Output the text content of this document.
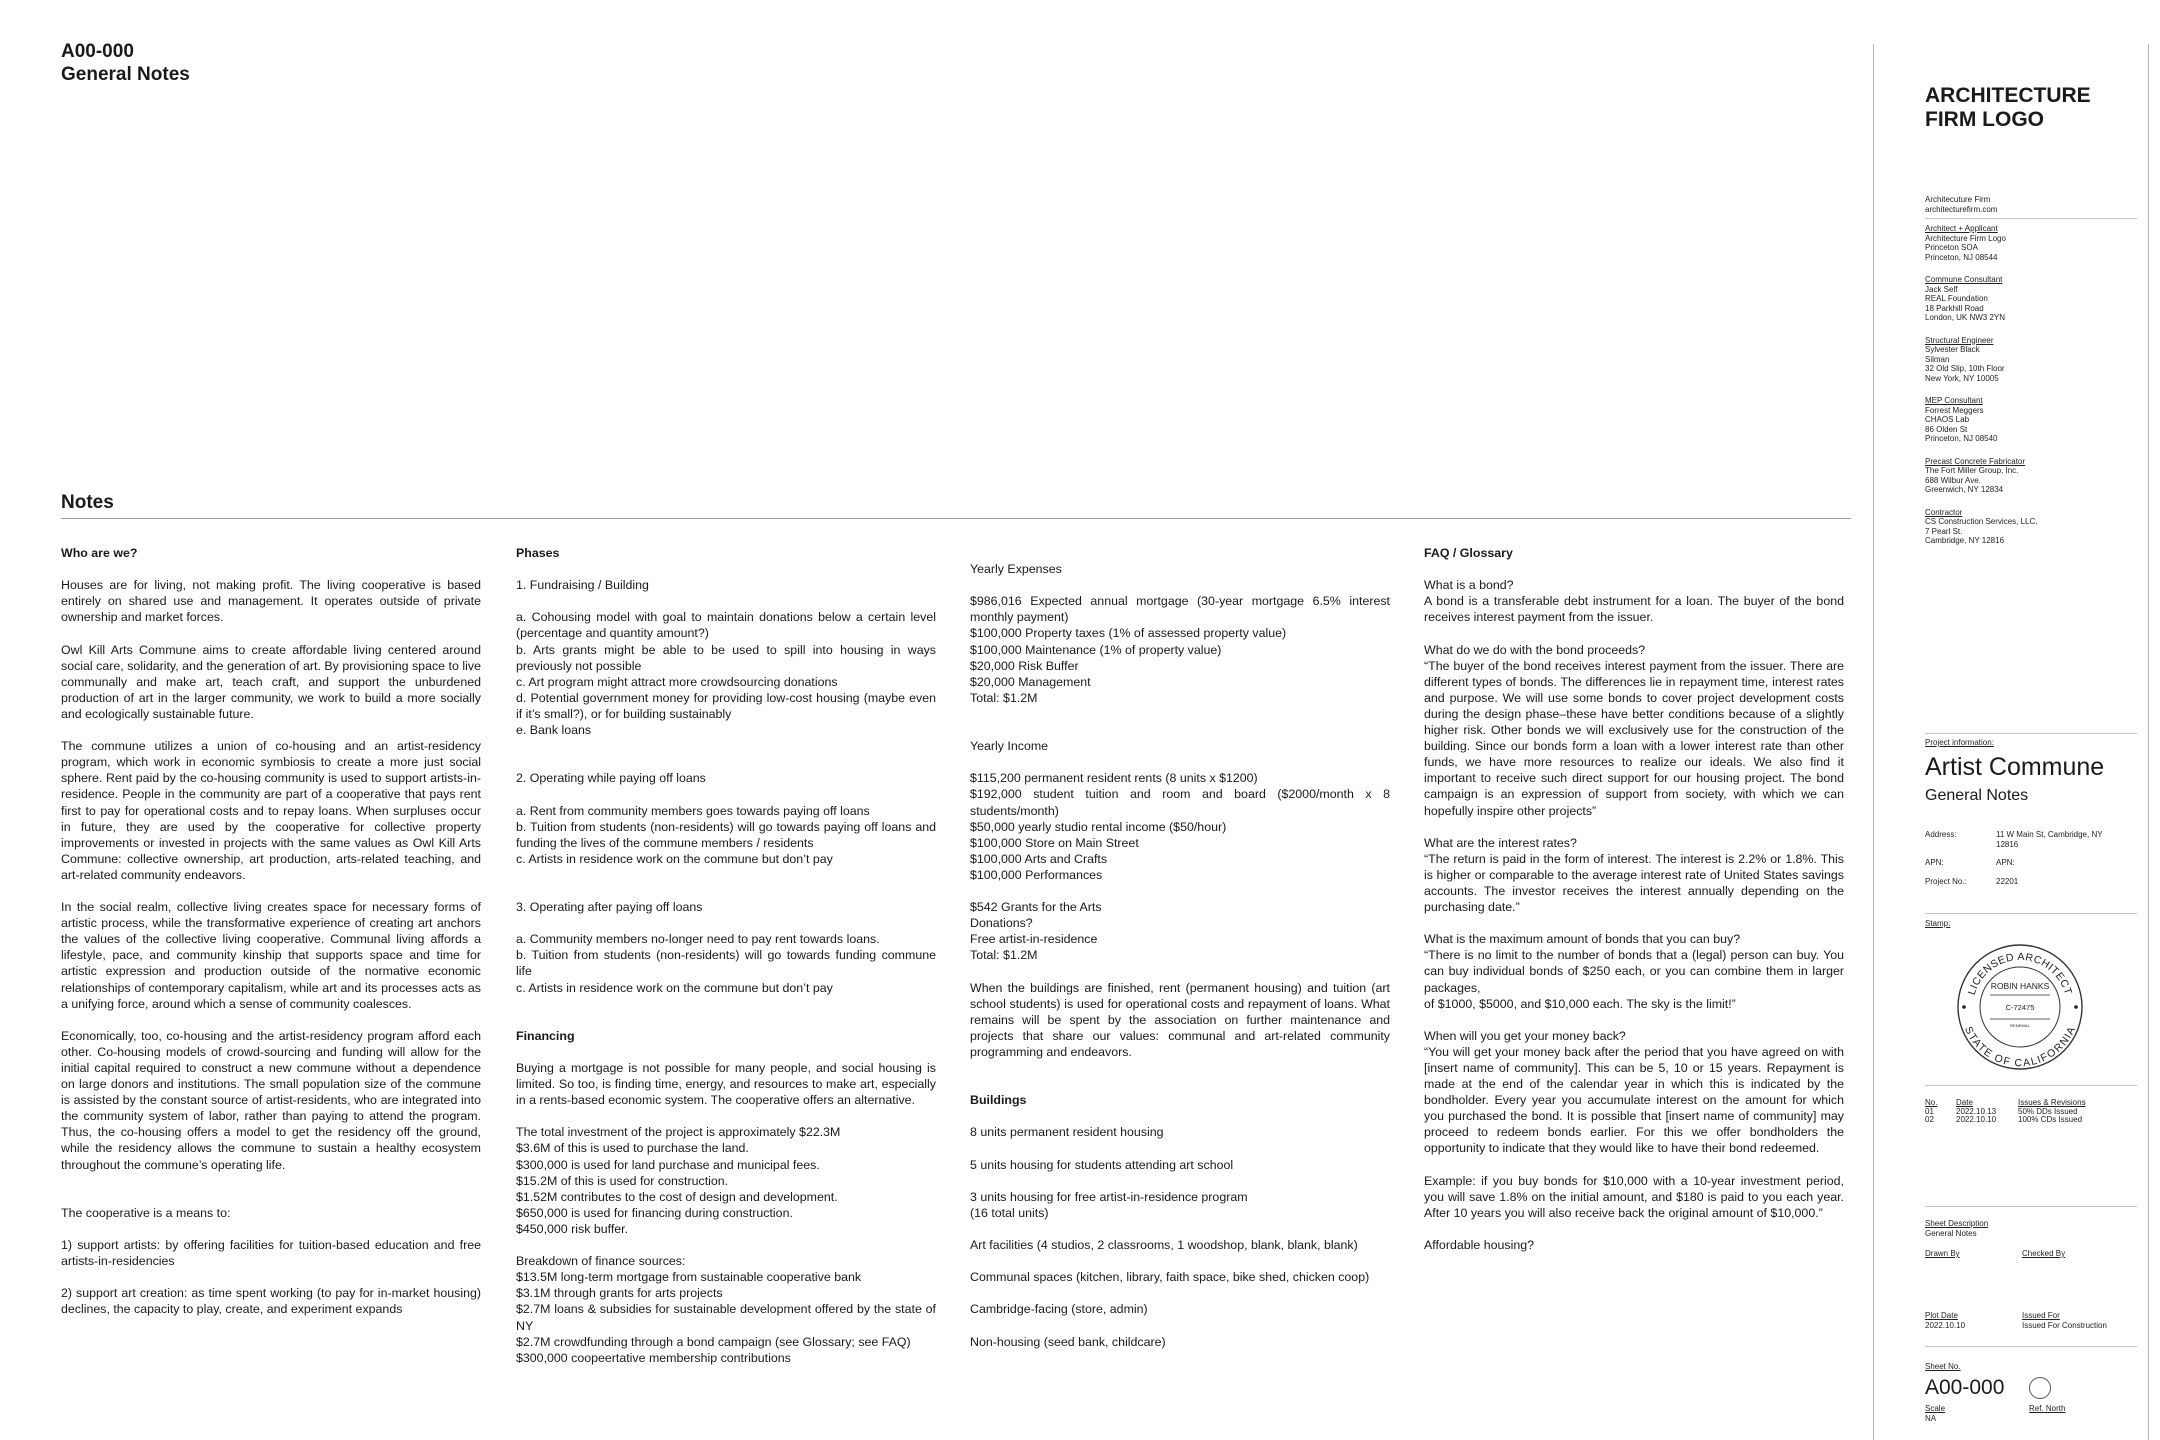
A00-000
General Notes
Notes

Who are we?

Houses are for living, not making profit. The living cooperative is based entirely on shared use and management. It operates outside of private ownership and market forces.

Owl Kill Arts Commune aims to create affordable living centered around social care, solidarity, and the generation of art. By provisioning space to live communally and make art, teach craft, and support the unburdened production of art in the larger community, we work to build a more socially and ecologically sustainable future.

The commune utilizes a union of co-housing and an artist-residency program, which work in economic symbiosis to create a more just social sphere. Rent paid by the co-housing community is used to support artists-in-residence. People in the community are part of a cooperative that pays rent first to pay for operational costs and to repay loans. When surpluses occur in future, they are used by the cooperative for collective property improvements or invested in projects with the same values as Owl Kill Arts Commune: collective ownership, art production, arts-related teaching, and art-related community endeavors.

In the social realm, collective living creates space for necessary forms of artistic process, while the transformative experience of creating art anchors the values of the collective living cooperative. Communal living affords a lifestyle, pace, and community kinship that supports space and time for artistic expression and production outside of the normative economic relationships of contemporary capitalism, while art and its processes acts as a unifying force, around which a sense of community coalesces.

Economically, too, co-housing and the artist-residency program afford each other. Co-housing models of crowd-sourcing and funding will allow for the initial capital required to construct a new commune without a dependence on large donors and institutions. The small population size of the commune is assisted by the constant source of artist-residents, who are integrated into the community system of labor, rather than paying to attend the program. Thus, the co-housing offers a model to get the residency off the ground, while the residency allows the commune to sustain a healthy ecosystem throughout the commune’s operating life.

The cooperative is a means to:

1) support artists: by offering facilities for tuition-based education and free artists-in-residencies

2) support art creation: as time spent working (to pay for in-market housing) declines, the capacity to play, create, and experiment expands

Phases

1. Fundraising / Building

a. Cohousing model with goal to maintain donations below a certain level (percentage and quantity amount?)

b. Arts grants might be able to be used to spill into housing in ways previously not possible

c. Art program might attract more crowdsourcing donations

d. Potential government money for providing low-cost housing (maybe even if it’s small?), or for building sustainably

e. Bank loans

2. Operating while paying off loans

a. Rent from community members goes towards paying off loans

b. Tuition from students (non-residents) will go towards paying off loans and funding the lives of the commune members / residents

c. Artists in residence work on the commune but don’t pay

3. Operating after paying off loans

a. Community members no-longer need to pay rent towards loans.

b. Tuition from students (non-residents) will go towards funding commune life

c. Artists in residence work on the commune but don’t pay

Financing

Buying a mortgage is not possible for many people, and social housing is limited. So too, is finding time, energy, and resources to make art, especially in a rents-based economic system. The cooperative offers an alternative.

The total investment of the project is approximately $22.3M

$3.6M of this is used to purchase the land.

$300,000 is used for land purchase and municipal fees.

$15.2M of this is used for construction.

$1.52M contributes to the cost of design and development.

$650,000 is used for financing during construction.

$450,000 risk buffer.

Breakdown of finance sources:

$13.5M long-term mortgage from sustainable cooperative bank

$3.1M through grants for arts projects

$2.7M loans & subsidies for sustainable development offered by the state of NY

$2.7M crowdfunding through a bond campaign (see Glossary; see FAQ)

$300,000 coopeertative membership contributions

Yearly Expenses

$986,016 Expected annual mortgage (30-year mortgage 6.5% interest monthly payment)

$100,000 Property taxes (1% of assessed property value)

$100,000 Maintenance (1% of property value)

$20,000 Risk Buffer

$20,000 Management

Total: $1.2M

Yearly Income

$115,200 permanent resident rents (8 units x $1200)

$192,000 student tuition and room and board ($2000/month x 8 students/month)

$50,000 yearly studio rental income ($50/hour)

$100,000 Store on Main Street

$100,000 Arts and Crafts

$100,000 Performances

$542 Grants for the Arts

Donations?

Free artist-in-residence

Total: $1.2M

When the buildings are finished, rent (permanent housing) and tuition (art school students) is used for operational costs and repayment of loans. What remains will be spent by the association on further maintenance and projects that share our values: communal and art-related community programming and endeavors.

Buildings

8 units permanent resident housing

5 units housing for students attending art school

3 units housing for free artist-in-residence program

(16 total units)

Art facilities (4 studios, 2 classrooms, 1 woodshop, blank, blank, blank)

Communal spaces (kitchen, library, faith space, bike shed, chicken coop)

Cambridge-facing (store, admin)

Non-housing (seed bank, childcare)

FAQ / Glossary

What is a bond?

A bond is a transferable debt instrument for a loan. The buyer of the bond receives interest payment from the issuer.

What do we do with the bond proceeds?

“The buyer of the bond receives interest payment from the issuer. There are different types of bonds. The differences lie in repayment time, interest rates and purpose. We will use some bonds to cover project development costs during the design phase–these have better conditions because of a slightly higher risk. Other bonds we will exclusively use for the construction of the building. Since our bonds form a loan with a lower interest rate than other funds, we have more resources to realize our ideals. We also find it important to receive such direct support for our housing project. The bond campaign is an expression of support from society, with which we can hopefully inspire other projects”

What are the interest rates?

“The return is paid in the form of interest. The interest is 2.2% or 1.8%. This is higher or comparable to the average interest rate of United States savings accounts. The investor receives the interest annually depending on the purchasing date.”

What is the maximum amount of bonds that you can buy?

“There is no limit to the number of bonds that a (legal) person can buy. You can buy individual bonds of $250 each, or you can combine them in larger packages,

of $1000, $5000, and $10,000 each. The sky is the limit!”

When will you get your money back?

“You will get your money back after the period that you have agreed on with [insert name of community]. This can be 5, 10 or 15 years. Repayment is made at the end of the calendar year in which this is indicated by the bondholder. Every year you accumulate interest on the amount for which you purchased the bond. It is possible that [insert name of community] may proceed to redeem bonds earlier. For this we offer bondholders the opportunity to indicate that they would like to have their bond redeemed.

Example: if you buy bonds for $10,000 with a 10-year investment period, you will save 1.8% on the initial amount, and $180 is paid to you each year. After 10 years you will also receive back the original amount of $10,000.”

Affordable housing?

ARCHITECTURE
FIRM LOGO
Architecuture Firm
architecturefirm.com
Architect + Applicant
Architecture Firm Logo
Princeton SOA
Princeton, NJ 08544
Commune Consultant
Jack Self
REAL Foundation
18 Parkhill Road
London, UK NW3 2YN
Structural Engineer
Sylvester Black
Silman
32 Old Slip, 10th Floor
New York, NY 10005
MEP Consultant
Forrest Meggers
CHAOS Lab
86 Olden St
Princeton, NJ 08540
Precast Concrete Fabricator
The Fort Miller Group, Inc.
688 Wilbur Ave.
Greenwich, NY 12834
Contractor
CS Construction Services, LLC.
7 Pearl St.
Cambridge, NY 12816
Project information:
Artist Commune
General Notes
Address:	11 W Main St, Cambridge, NY 12816
APN:	APN:
Project No.:	22201
Stamp:
LICENSED ARCHITECT
STATE OF CALIFORNIA
ROBIN HANKS
C-72475
RENEWAL
No. Date	Issues & Revisions
01	2022.10.13	50% DDs Issued
02	2022.10.10	100% CDs Issued
Sheet Description
General Notes
Drawn By	Checked By
Plot Date
2022.10.10
Issued For
Issued For Construction
Sheet No.
A00-000
Scale
NA
Ref. North
